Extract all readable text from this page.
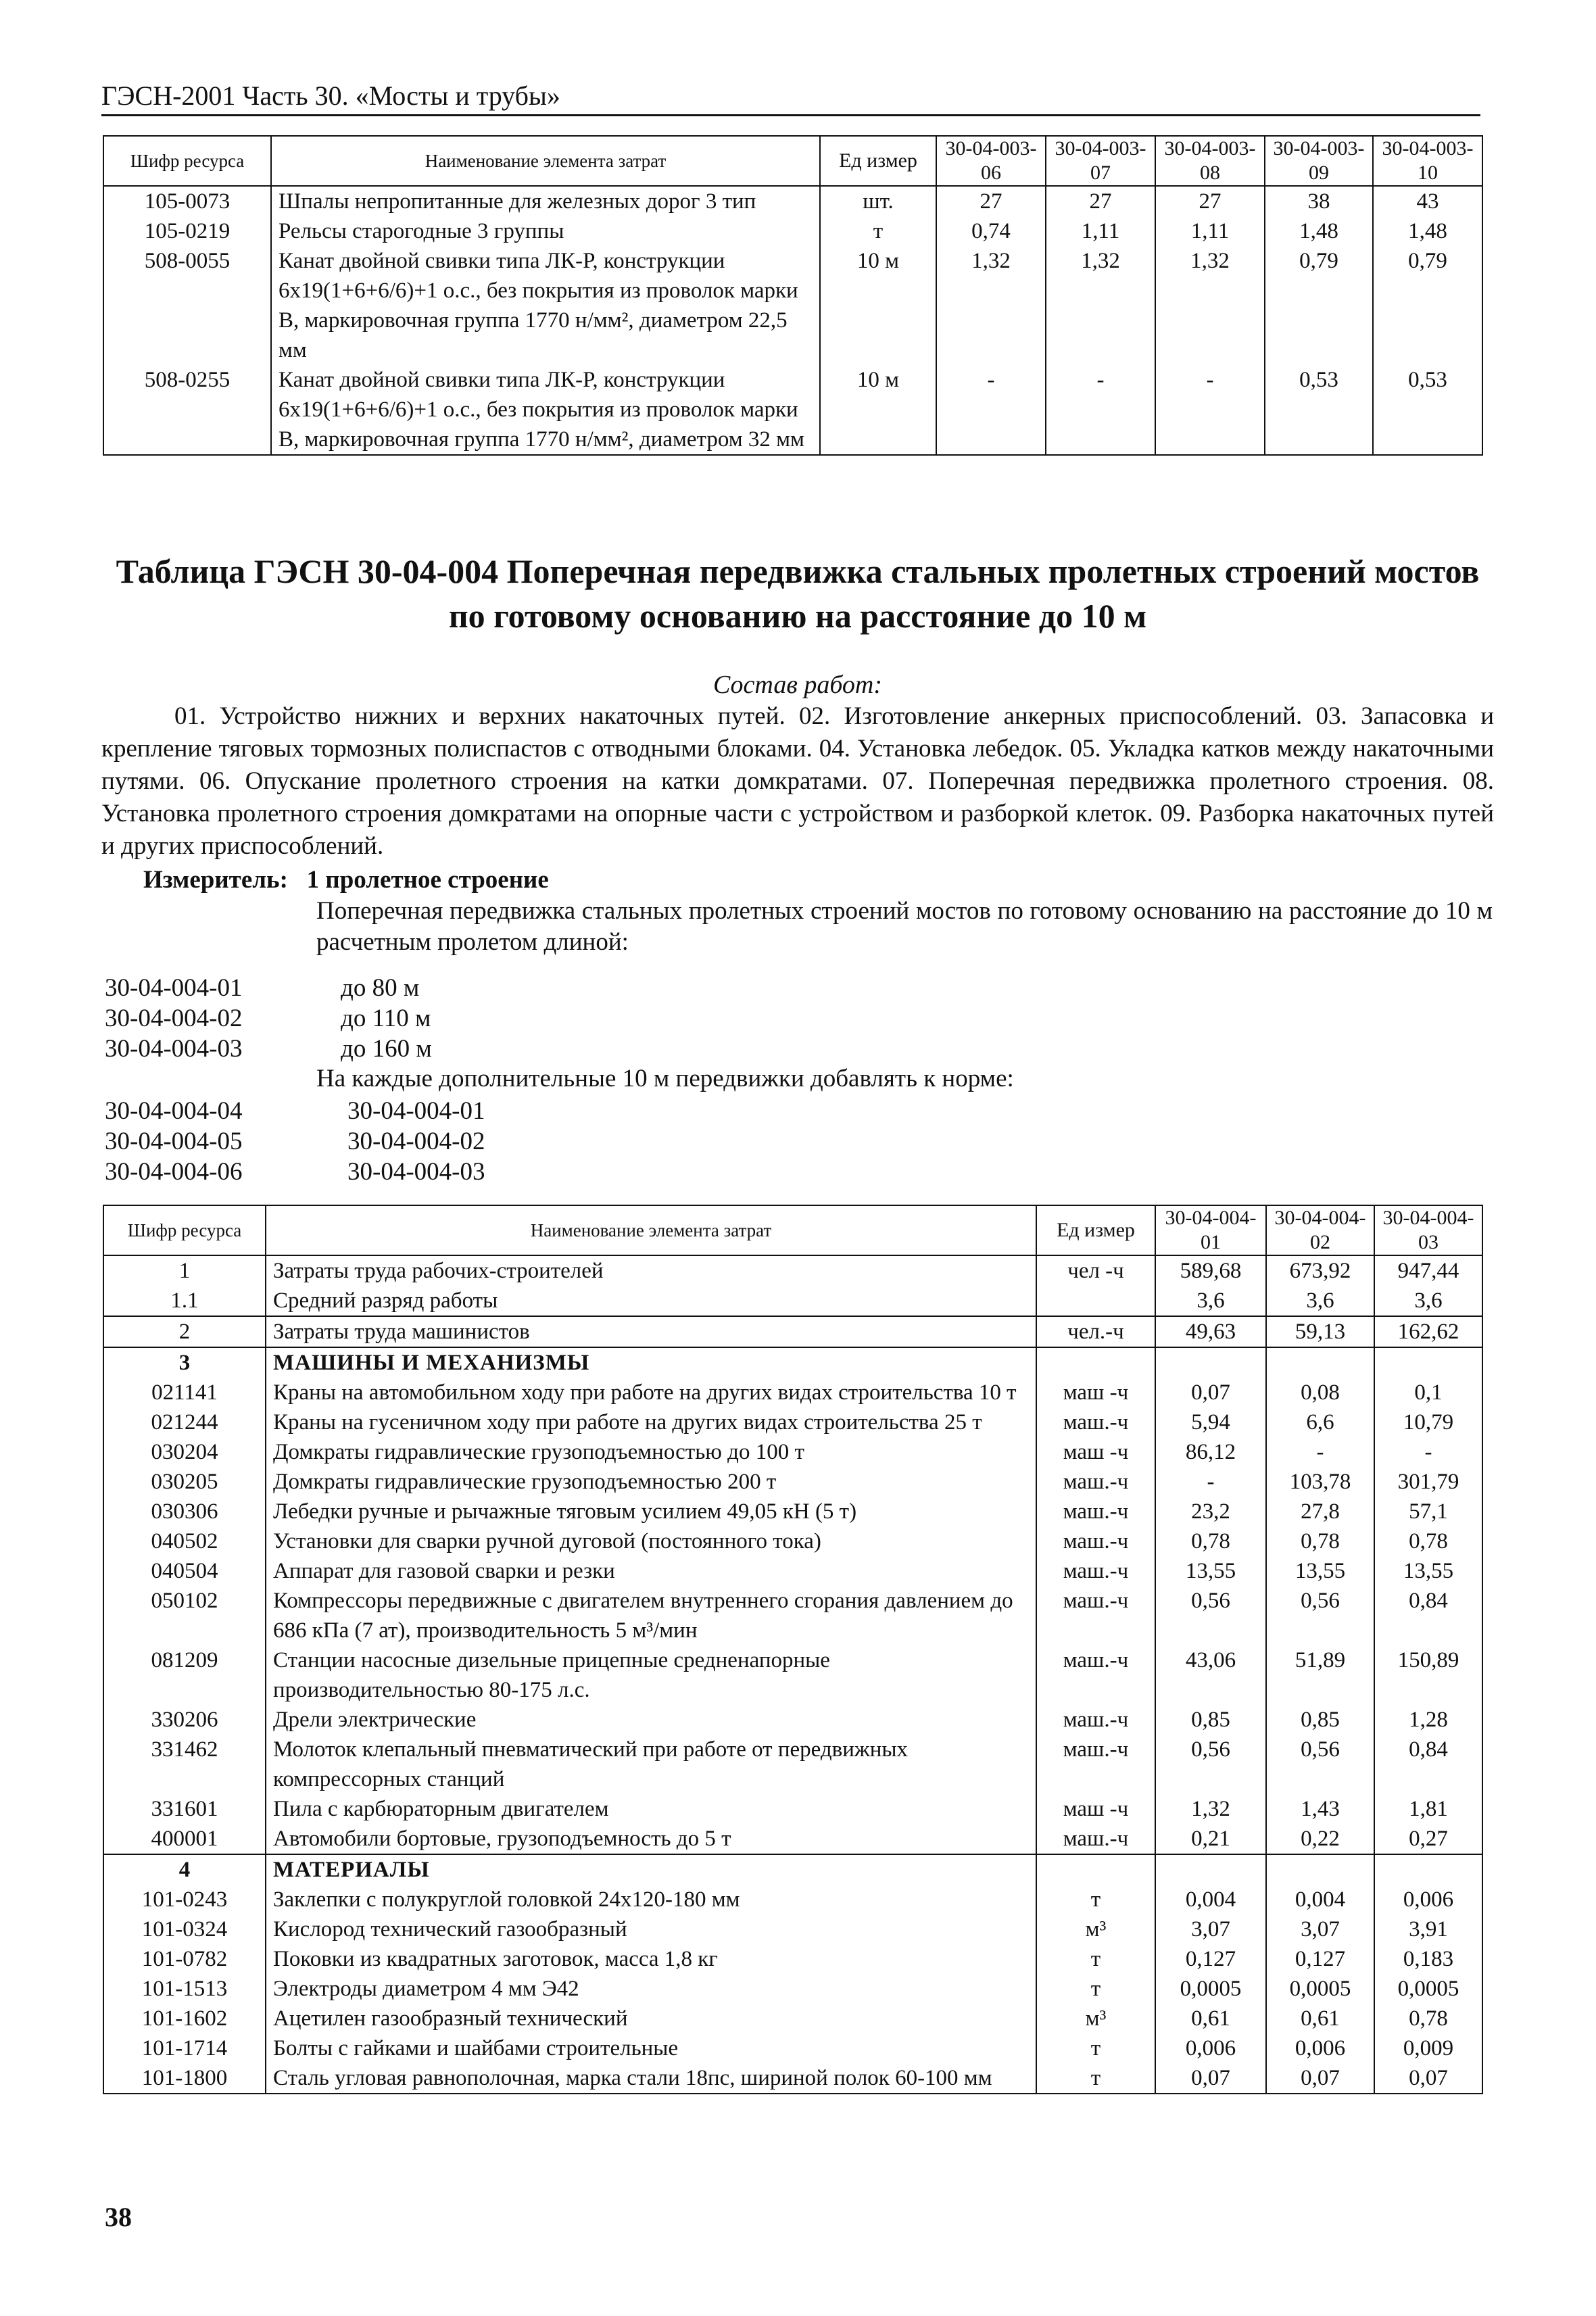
ГЭСН-2001 Часть 30. «Мосты и трубы»
Шифр ресурса	Наименование элемента затрат	Ед измер	30-04-003-06	30-04-003-07	30-04-003-08	30-04-003-09	30-04-003-10
105-0073	Шпалы непропитанные для железных дорог 3 тип	шт.	27	27	27	38	43
105-0219	Рельсы старогодные 3 группы	т	0,74	1,11	1,11	1,48	1,48
508-0055	Канат двойной свивки типа ЛК-Р, конструкции 6х19(1+6+6/6)+1 о.с., без покрытия из проволок марки В, маркировочная группа 1770 н/мм², диаметром 22,5 мм	10 м	1,32	1,32	1,32	0,79	0,79
508-0255	Канат двойной свивки типа ЛК-Р, конструкции 6х19(1+6+6/6)+1 о.с., без покрытия из проволок марки В, маркировочная группа 1770 н/мм², диаметром 32 мм	10 м	-	-	-	0,53	0,53
Таблица ГЭСН 30-04-004 Поперечная передвижка стальных пролетных строений мостов по готовому основанию на расстояние до 10 м
Состав работ:
01. Устройство нижних и верхних накаточных путей. 02. Изготовление анкерных приспособлений. 03. Запасовка и крепление тяговых тормозных полиспастов с отводными блоками. 04. Установка лебедок. 05. Укладка катков между накаточными путями. 06. Опускание пролетного строения на катки домкратами. 07. Поперечная передвижка пролетного строения. 08. Установка пролетного строения домкратами на опорные части с устройством и разборкой клеток. 09. Разборка накаточных путей и других приспособлений.
Измеритель: 1 пролетное строение
Поперечная передвижка стальных пролетных строений мостов по готовому основанию на расстояние до 10 м расчетным пролетом длиной:
30-04-004-01	до 80 м
30-04-004-02	до 110 м
30-04-004-03	до 160 м
На каждые дополнительные 10 м передвижки добавлять к норме:
30-04-004-04	30-04-004-01
30-04-004-05	30-04-004-02
30-04-004-06	30-04-004-03
Шифр ресурса	Наименование элемента затрат	Ед измер	30-04-004-01	30-04-004-02	30-04-004-03
1	Затраты труда рабочих-строителей	чел -ч	589,68	673,92	947,44
1.1	Средний разряд работы		3,6	3,6	3,6
2	Затраты труда машинистов	чел.-ч	49,63	59,13	162,62
3	МАШИНЫ И МЕХАНИЗМЫ				
021141	Краны на автомобильном ходу при работе на других видах строительства 10 т	маш -ч	0,07	0,08	0,1
021244	Краны на гусеничном ходу при работе на других видах строительства 25 т	маш.-ч	5,94	6,6	10,79
030204	Домкраты гидравлические грузоподъемностью до 100 т	маш -ч	86,12	-	-
030205	Домкраты гидравлические грузоподъемностью 200 т	маш.-ч	-	103,78	301,79
030306	Лебедки ручные и рычажные тяговым усилием 49,05 кН (5 т)	маш.-ч	23,2	27,8	57,1
040502	Установки для сварки ручной дуговой (постоянного тока)	маш.-ч	0,78	0,78	0,78
040504	Аппарат для газовой сварки и резки	маш.-ч	13,55	13,55	13,55
050102	Компрессоры передвижные с двигателем внутреннего сгорания давлением до 686 кПа (7 ат), производительность 5 м³/мин	маш.-ч	0,56	0,56	0,84
081209	Станции насосные дизельные прицепные средненапорные производительностью 80-175 л.с.	маш.-ч	43,06	51,89	150,89
330206	Дрели электрические	маш.-ч	0,85	0,85	1,28
331462	Молоток клепальный пневматический при работе от передвижных компрессорных станций	маш.-ч	0,56	0,56	0,84
331601	Пила с карбюраторным двигателем	маш -ч	1,32	1,43	1,81
400001	Автомобили бортовые, грузоподъемность до 5 т	маш.-ч	0,21	0,22	0,27
4	МАТЕРИАЛЫ				
101-0243	Заклепки с полукруглой головкой 24х120-180 мм	т	0,004	0,004	0,006
101-0324	Кислород технический газообразный	м³	3,07	3,07	3,91
101-0782	Поковки из квадратных заготовок, масса 1,8 кг	т	0,127	0,127	0,183
101-1513	Электроды диаметром 4 мм Э42	т	0,0005	0,0005	0,0005
101-1602	Ацетилен газообразный технический	м³	0,61	0,61	0,78
101-1714	Болты с гайками и шайбами строительные	т	0,006	0,006	0,009
101-1800	Сталь угловая равнополочная, марка стали 18пс, шириной полок 60-100 мм	т	0,07	0,07	0,07
38
